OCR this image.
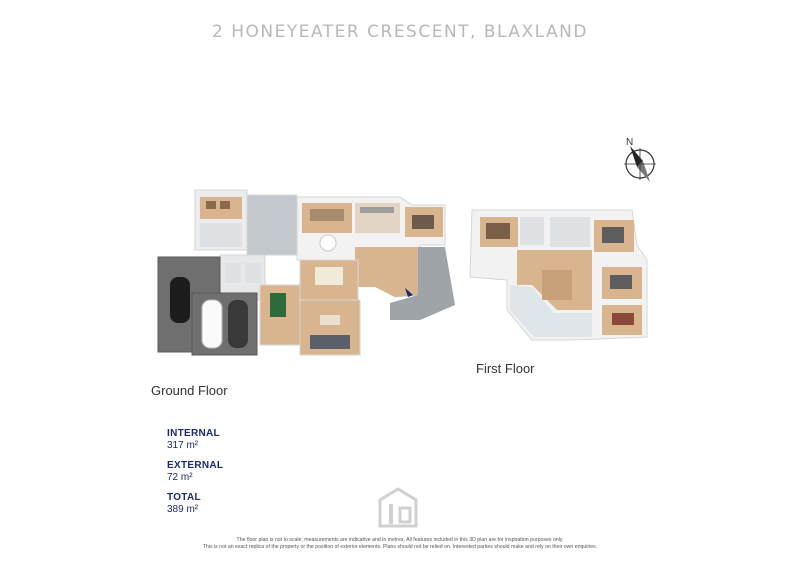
2 HONEYEATER CRESCENT, BLAXLAND
N
Ground Floor
First Floor
INTERNAL
317 m²
EXTERNAL
72 m²
TOTAL
389 m²
The floor plan is not to scale; measurements are indicative and in metres. All features included in this 3D plan are for inspiration purposes only.
This is not an exact replica of the property or the position of exterior elements. Plans should not be relied on. Interested parties should make and rely on their own enquiries.
